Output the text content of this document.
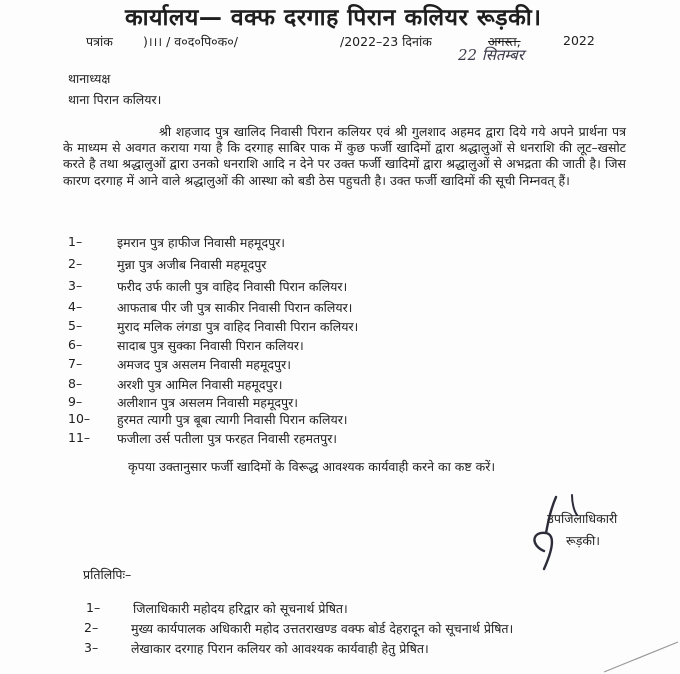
कार्यालय— वक्फ दरगाह पिरान कलियर रूड़की।
पत्रांक )।।। / व०द०पि०क०/	/2022–23 दिनांक	अगस्त,	2022
22 सितम्बर
थानाध्यक्ष
थाना पिरान कलियर।
श्री शहजाद पुत्र खालिद निवासी पिरान कलियर एवं श्री गुलशाद अहमद द्वारा दिये गये अपने प्रार्थना पत्र के माध्यम से अवगत कराया गया है कि दरगाह साबिर पाक में कुछ फर्जी खादिमों द्वारा श्रद्धालुओं से धनराशि की लूट–खसोट करते है तथा श्रद्धालुओं द्वारा उनको धनराशि आदि न देने पर उक्त फर्जी खादिमों द्वारा श्रद्धालुओं से अभद्रता की जाती है। जिस कारण दरगाह में आने वाले श्रद्धालुओं की आस्था को बडी ठेस पहुचती है। उक्त फर्जी खादिमों की सूची निम्नवत् हैं।
1–	इमरान पुत्र हाफीज निवासी महमूदपुर।
2–	मुन्ना पुत्र अजीब निवासी महमूदपुर
3–	फरीद उर्फ काली पुत्र वाहिद निवासी पिरान कलियर।
4–	आफताब पीर जी पुत्र साकीर निवासी पिरान कलियर।
5–	मुराद मलिक लंगडा पुत्र वाहिद निवासी पिरान कलियर।
6–	सादाब पुत्र सुक्का निवासी पिरान कलियर।
7–	अमजद पुत्र असलम निवासी महमूदपुर।
8–	अरशी पुत्र आमिल निवासी महमूदपुर।
9–	अलीशान पुत्र असलम निवासी महमूदपुर।
10– हुरमत त्यागी पुत्र बूबा त्यागी निवासी पिरान कलियर।
11– फजीला उर्स पतीला पुत्र फरहत निवासी रहमतपुर।
कृपया उक्तानुसार फर्जी खादिमों के विरूद्ध आवश्यक कार्यवाही करने का कष्ट करें।
उपजिलाधिकारी
रूड़की।
प्रतिलिपिः–
1–	जिलाधिकारी महोदय हरिद्वार को सूचनार्थ प्रेषित।
2–	मुख्य कार्यपालक अधिकारी महोद उत्ततराखण्ड वक्फ बोर्ड देहरादून को सूचनार्थ प्रेषित।
3–	लेखाकार दरगाह पिरान कलियर को आवश्यक कार्यवाही हेतु प्रेषित।
